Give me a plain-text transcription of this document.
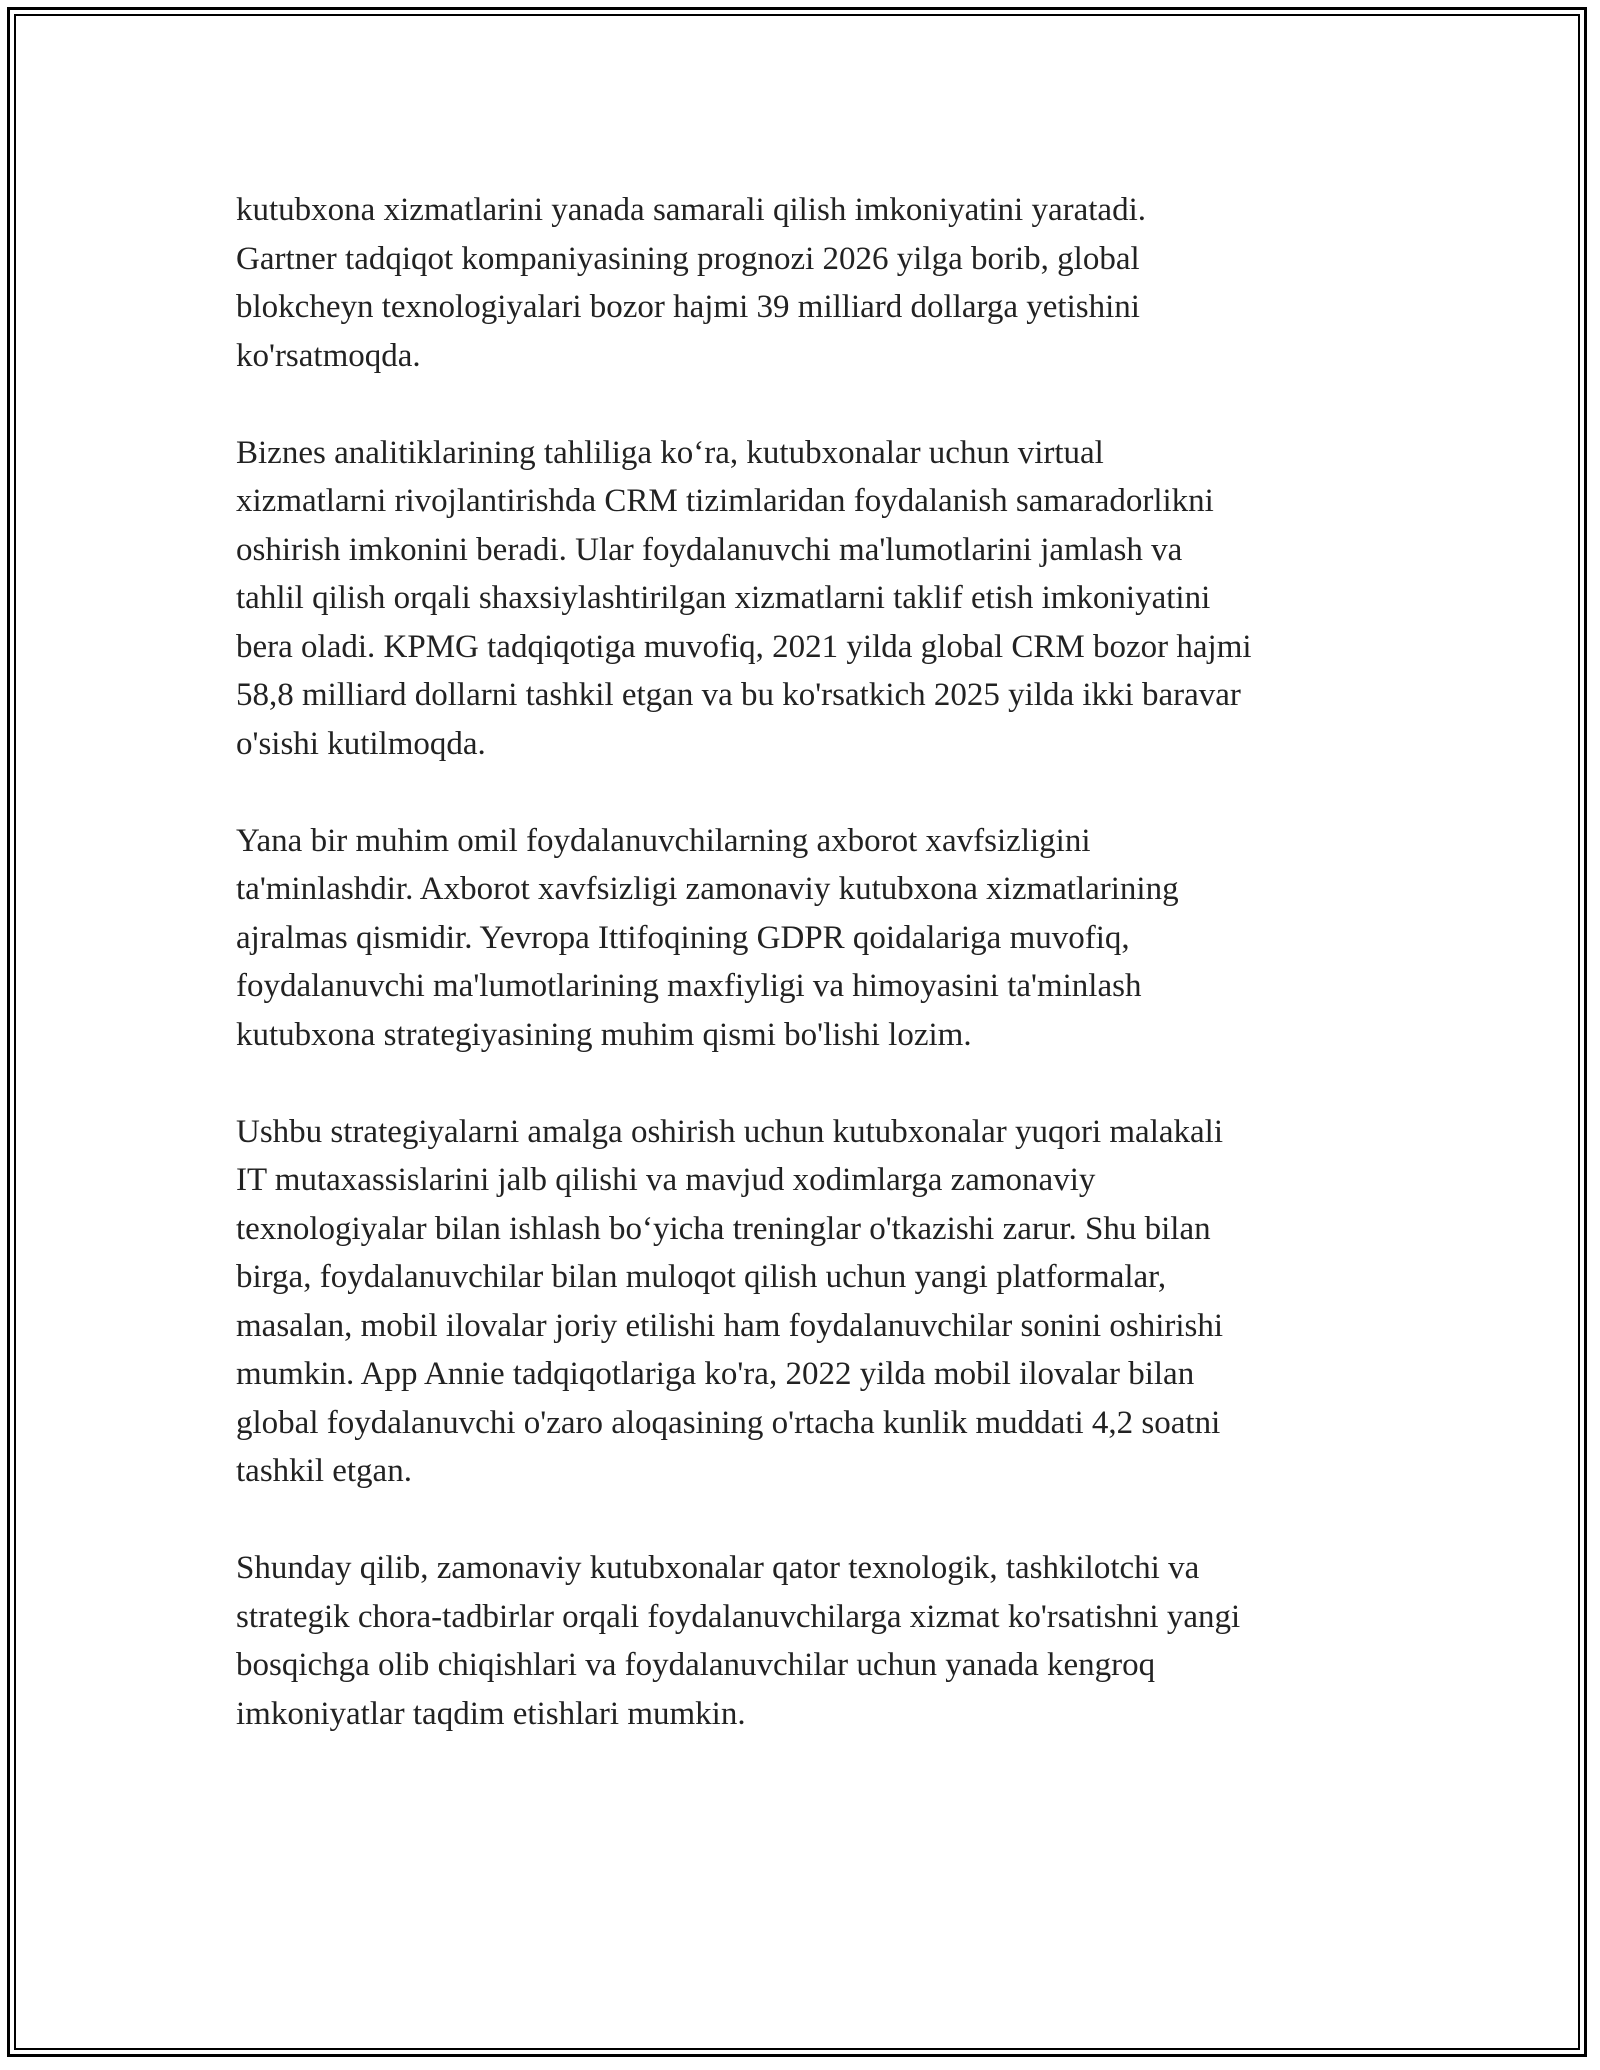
kutubxona xizmatlarini yanada samarali qilish imkoniyatini yaratadi.
Gartner tadqiqot kompaniyasining prognozi 2026 yilga borib, global
blokcheyn texnologiyalari bozor hajmi 39 milliard dollarga yetishini
ko'rsatmoqda.

Biznes analitiklarining tahliliga ko‘ra, kutubxonalar uchun virtual
xizmatlarni rivojlantirishda CRM tizimlaridan foydalanish samaradorlikni
oshirish imkonini beradi. Ular foydalanuvchi ma'lumotlarini jamlash va
tahlil qilish orqali shaxsiylashtirilgan xizmatlarni taklif etish imkoniyatini
bera oladi. KPMG tadqiqotiga muvofiq, 2021 yilda global CRM bozor hajmi
58,8 milliard dollarni tashkil etgan va bu ko'rsatkich 2025 yilda ikki baravar
o'sishi kutilmoqda.

Yana bir muhim omil foydalanuvchilarning axborot xavfsizligini
ta'minlashdir. Axborot xavfsizligi zamonaviy kutubxona xizmatlarining
ajralmas qismidir. Yevropa Ittifoqining GDPR qoidalariga muvofiq,
foydalanuvchi ma'lumotlarining maxfiyligi va himoyasini ta'minlash
kutubxona strategiyasining muhim qismi bo'lishi lozim.

Ushbu strategiyalarni amalga oshirish uchun kutubxonalar yuqori malakali
IT mutaxassislarini jalb qilishi va mavjud xodimlarga zamonaviy
texnologiyalar bilan ishlash bo‘yicha treninglar o'tkazishi zarur. Shu bilan
birga, foydalanuvchilar bilan muloqot qilish uchun yangi platformalar,
masalan, mobil ilovalar joriy etilishi ham foydalanuvchilar sonini oshirishi
mumkin. App Annie tadqiqotlariga ko'ra, 2022 yilda mobil ilovalar bilan
global foydalanuvchi o'zaro aloqasining o'rtacha kunlik muddati 4,2 soatni
tashkil etgan.

Shunday qilib, zamonaviy kutubxonalar qator texnologik, tashkilotchi va
strategik chora-tadbirlar orqali foydalanuvchilarga xizmat ko'rsatishni yangi
bosqichga olib chiqishlari va foydalanuvchilar uchun yanada kengroq
imkoniyatlar taqdim etishlari mumkin.
